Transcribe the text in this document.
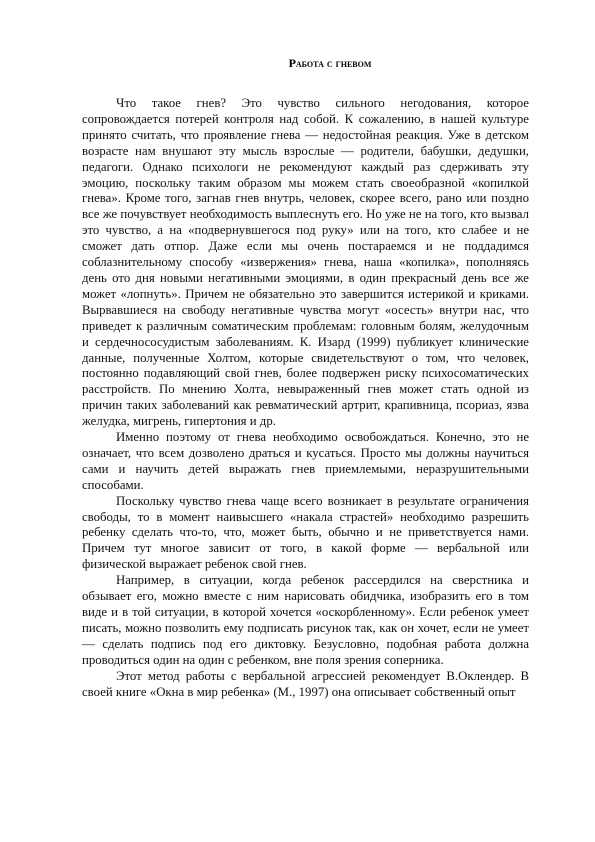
Работа с гневом

Что такое гнев? Это чувство сильного негодования, которое сопровождается потерей контроля над собой. К сожалению, в нашей культуре принято считать, что проявление гнева — недостойная реакция. Уже в детском возрасте нам внушают эту мысль взрослые — родители, бабушки, дедушки, педагоги. Однако психологи не рекомендуют каждый раз сдерживать эту эмоцию, поскольку таким образом мы можем стать своеобразной «копилкой гнева». Кроме того, загнав гнев внутрь, человек, скорее всего, рано или поздно все же почувствует необходимость выплеснуть его. Но уже не на того, кто вызвал это чувство, а на «подвернувшегося под руку» или на того, кто слабее и не сможет дать отпор. Даже если мы очень постараемся и не поддадимся соблазнительному способу «извержения» гнева, наша «копилка», пополняясь день ото дня новыми негативными эмоциями, в один прекрасный день все же может «лопнуть». Причем не обязательно это завершится истерикой и криками. Вырвавшиеся на свободу негативные чувства могут «осесть» внутри нас, что приведет к различным соматическим проблемам: головным болям, желудочным и сердечнососудистым заболеваниям. К. Изард (1999) публикует клинические данные, полученные Холтом, которые свидетельствуют о том, что человек, постоянно подавляющий свой гнев, более подвержен риску психосоматических расстройств. По мнению Холта, невыраженный гнев может стать одной из причин таких заболеваний как ревматический артрит, крапивница, псориаз, язва желудка, мигрень, гипертония и др.

Именно поэтому от гнева необходимо освобождаться. Конечно, это не означает, что всем дозволено драться и кусаться. Просто мы должны научиться сами и научить детей выражать гнев приемлемыми, неразрушительными способами.

Поскольку чувство гнева чаще всего возникает в результате ограничения свободы, то в момент наивысшего «накала страстей» необходимо разрешить ребенку сделать что-то, что, может быть, обычно и не приветствуется нами. Причем тут многое зависит от того, в какой форме — вербальной или физической выражает ребенок свой гнев.

Например, в ситуации, когда ребенок рассердился на сверстника и обзывает его, можно вместе с ним нарисовать обидчика, изобразить его в том виде и в той ситуации, в которой хочется «оскорбленному». Если ребенок умеет писать, можно позволить ему подписать рисунок так, как он хочет, если не умеет — сделать подпись под его диктовку. Безусловно, подобная работа должна проводиться один на один с ребенком, вне поля зрения соперника.

Этот метод работы с вербальной агрессией рекомендует В.Оклендер. В своей книге «Окна в мир ребенка» (М., 1997) она описывает собственный опыт
